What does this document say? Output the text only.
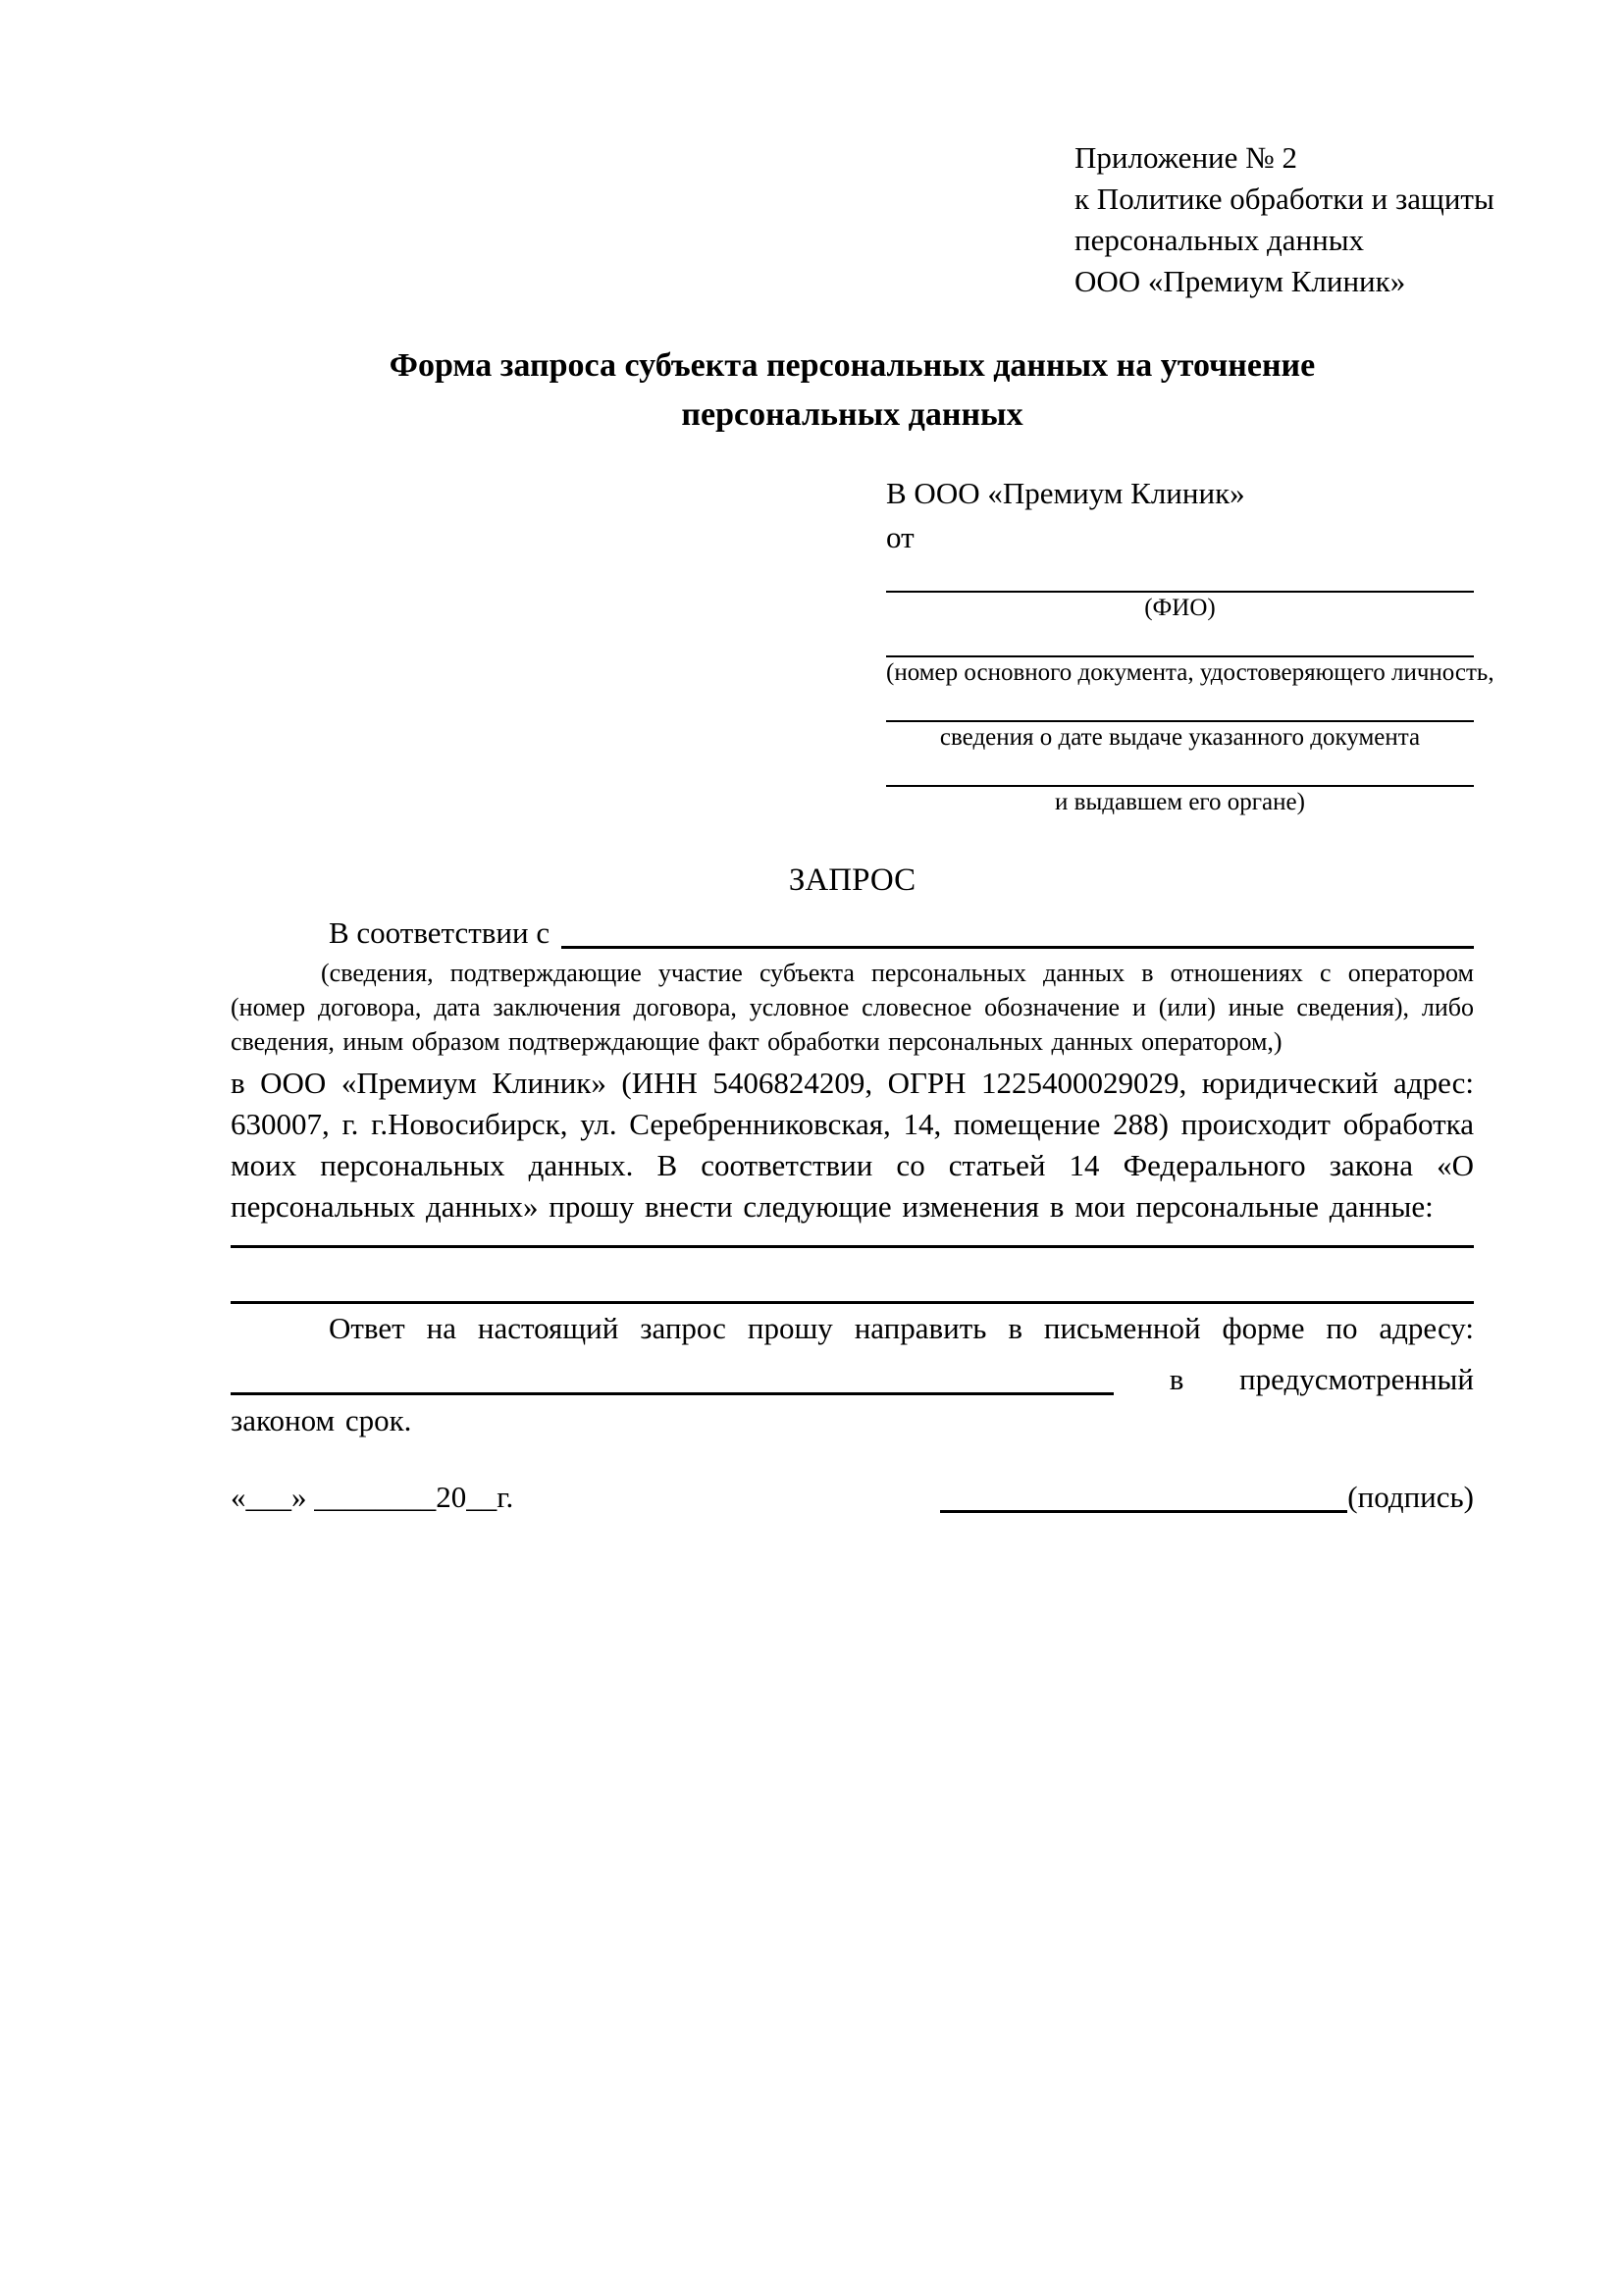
Приложение № 2
к Политике обработки и защиты
персональных данных
ООО «Премиум Клиник»
Форма запроса субъекта персональных данных на уточнение
персональных данных
В ООО «Премиум Клиник»
от
(ФИО)
(номер основного документа, удостоверяющего личность,
сведения о дате выдаче указанного документа
и выдавшем его органе)
ЗАПРОС
В соответствии с

(сведения, подтверждающие участие субъекта персональных данных в отношениях с оператором (номер договора, дата заключения договора, условное словесное обозначение и (или) иные сведения), либо сведения, иным образом подтверждающие факт обработки персональных данных оператором,)

в ООО «Премиум Клиник» (ИНН 5406824209, ОГРН 1225400029029, юридический адрес: 630007, г. г.Новосибирск, ул. Серебренниковская, 14, помещение 288) происходит обработка моих персональных данных. В соответствии со статьей 14 Федерального закона «О персональных данных» прошу внести следующие изменения в мои персональные данные:

Ответ на настоящий запрос прошу направить в письменной форме по адресу:

в предусмотренный

законом срок.

«___» ________20__г.	(подпись)
